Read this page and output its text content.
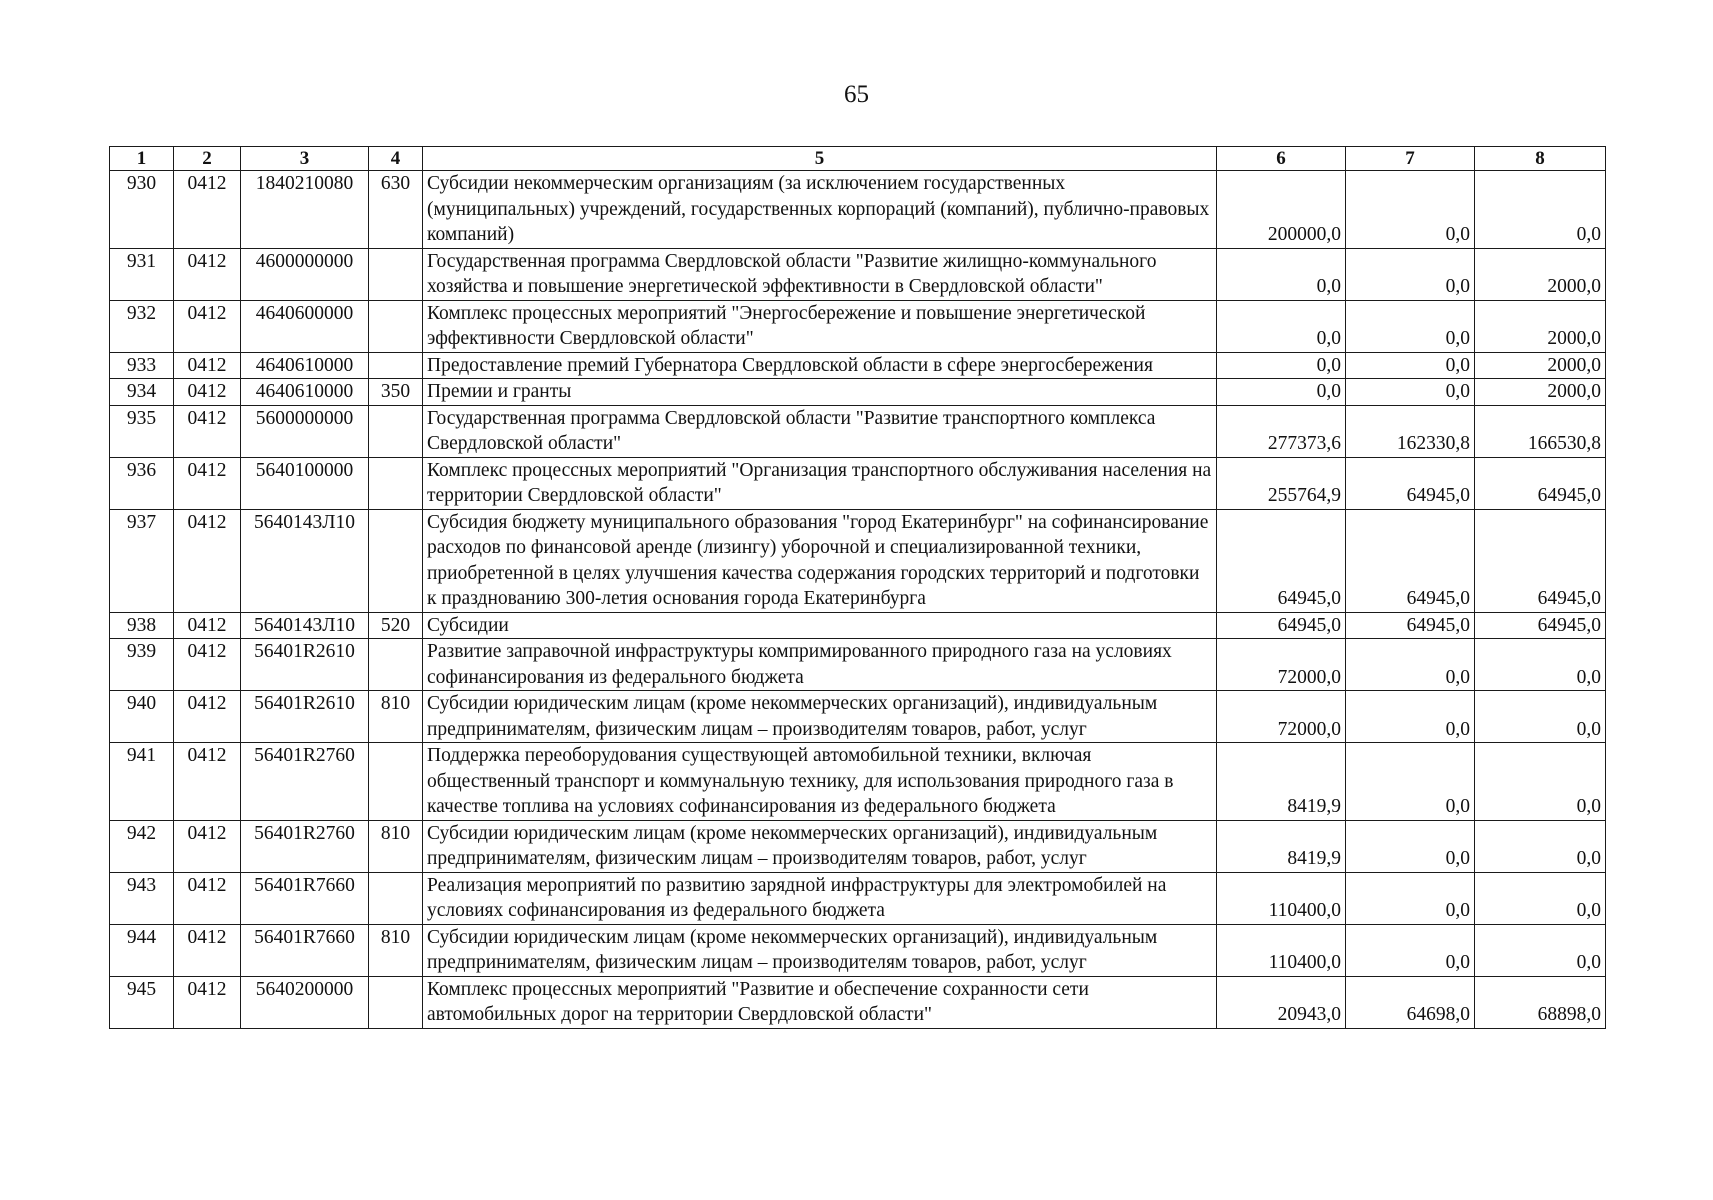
65
1	2	3	4	5	6	7	8
930	0412	1840210080	630	Субсидии некоммерческим организациям (за исключением государственных (муниципальных) учреждений, государственных корпораций (компаний), публично-правовых компаний)	200000,0	0,0	0,0
931	0412	4600000000		Государственная программа Свердловской области "Развитие жилищно-коммунального хозяйства и повышение энергетической эффективности в Свердловской области"	0,0	0,0	2000,0
932	0412	4640600000		Комплекс процессных мероприятий "Энергосбережение и повышение энергетической эффективности Свердловской области"	0,0	0,0	2000,0
933	0412	4640610000		Предоставление премий Губернатора Свердловской области в сфере энергосбережения	0,0	0,0	2000,0
934	0412	4640610000	350	Премии и гранты	0,0	0,0	2000,0
935	0412	5600000000		Государственная программа Свердловской области "Развитие транспортного комплекса Свердловской области"	277373,6	162330,8	166530,8
936	0412	5640100000		Комплекс процессных мероприятий "Организация транспортного обслуживания населения на территории Свердловской области"	255764,9	64945,0	64945,0
937	0412	5640143Л10		Субсидия бюджету муниципального образования "город Екатеринбург" на софинансирование расходов по финансовой аренде (лизингу) уборочной и специализированной техники, приобретенной в целях улучшения качества содержания городских территорий и подготовки к празднованию 300-летия основания города Екатеринбурга	64945,0	64945,0	64945,0
938	0412	5640143Л10	520	Субсидии	64945,0	64945,0	64945,0
939	0412	56401R2610		Развитие заправочной инфраструктуры компримированного природного газа на условиях софинансирования из федерального бюджета	72000,0	0,0	0,0
940	0412	56401R2610	810	Субсидии юридическим лицам (кроме некоммерческих организаций), индивидуальным предпринимателям, физическим лицам – производителям товаров, работ, услуг	72000,0	0,0	0,0
941	0412	56401R2760		Поддержка переоборудования существующей автомобильной техники, включая общественный транспорт и коммунальную технику, для использования природного газа в качестве топлива на условиях софинансирования из федерального бюджета	8419,9	0,0	0,0
942	0412	56401R2760	810	Субсидии юридическим лицам (кроме некоммерческих организаций), индивидуальным предпринимателям, физическим лицам – производителям товаров, работ, услуг	8419,9	0,0	0,0
943	0412	56401R7660		Реализация мероприятий по развитию зарядной инфраструктуры для электромобилей на условиях софинансирования из федерального бюджета	110400,0	0,0	0,0
944	0412	56401R7660	810	Субсидии юридическим лицам (кроме некоммерческих организаций), индивидуальным предпринимателям, физическим лицам – производителям товаров, работ, услуг	110400,0	0,0	0,0
945	0412	5640200000		Комплекс процессных мероприятий "Развитие и обеспечение сохранности сети автомобильных дорог на территории Свердловской области"	20943,0	64698,0	68898,0
